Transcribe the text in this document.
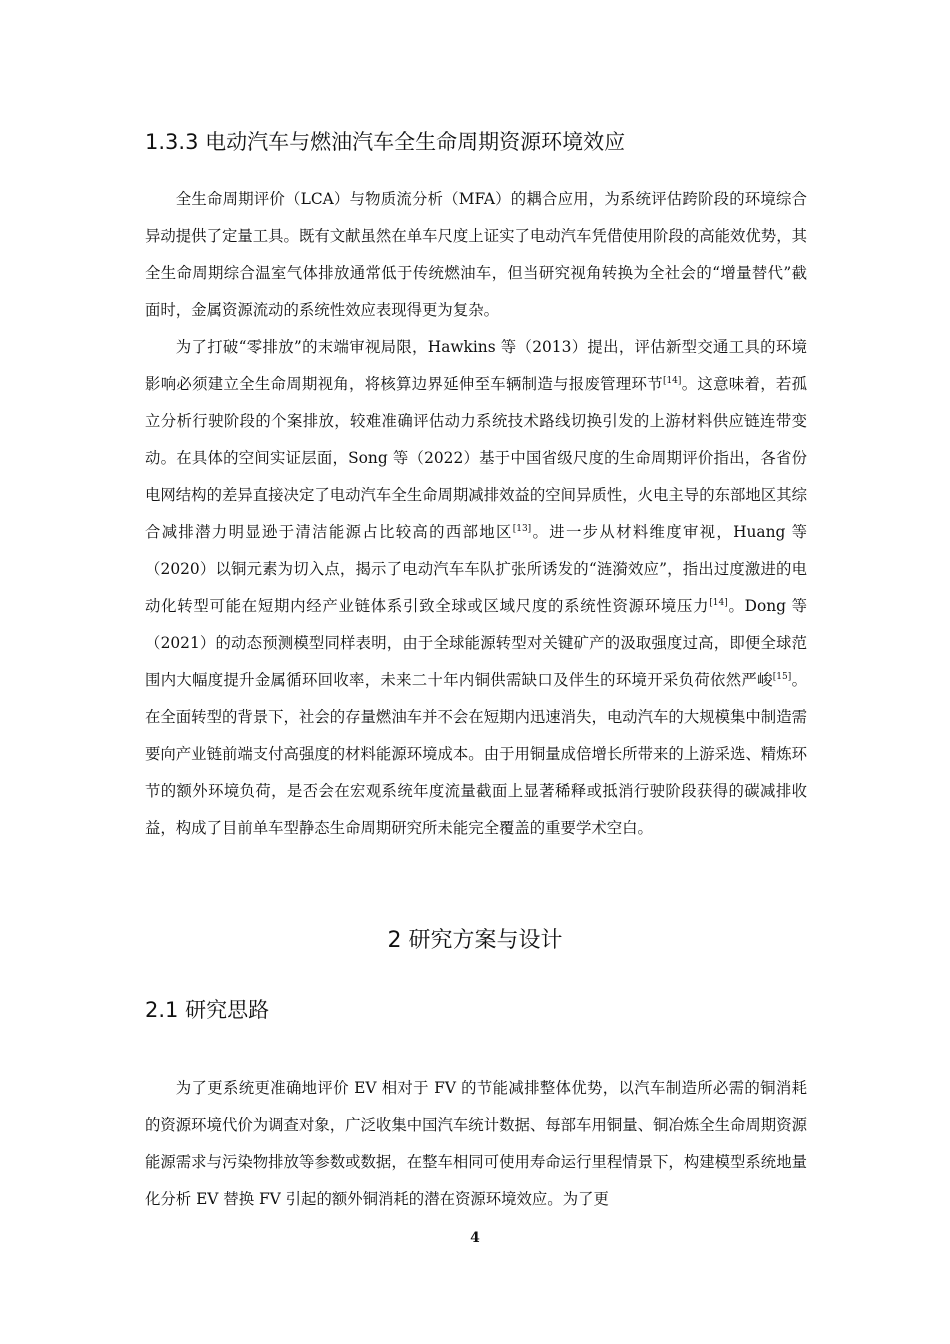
1.3.3 电动汽车与燃油汽车全生命周期资源环境效应

全生命周期评价（LCA）与物质流分析（MFA）的耦合应用，为系统评估跨阶段的环境综合异动提供了定量工具。既有文献虽然在单车尺度上证实了电动汽车凭借使用阶段的高能效优势，其全生命周期综合温室气体排放通常低于传统燃油车，但当研究视角转换为全社会的“增量替代”截面时，金属资源流动的系统性效应表现得更为复杂。

为了打破“零排放”的末端审视局限，Hawkins 等（2013）提出，评估新型交通工具的环境影响必须建立全生命周期视角，将核算边界延伸至车辆制造与报废管理环节[14]。这意味着，若孤立分析行驶阶段的个案排放，较难准确评估动力系统技术路线切换引发的上游材料供应链连带变动。在具体的空间实证层面，Song 等（2022）基于中国省级尺度的生命周期评价指出，各省份电网结构的差异直接决定了电动汽车全生命周期减排效益的空间异质性，火电主导的东部地区其综合减排潜力明显逊于清洁能源占比较高的西部地区[13]。进一步从材料维度审视，Huang 等（2020）以铜元素为切入点，揭示了电动汽车车队扩张所诱发的“涟漪效应”，指出过度激进的电动化转型可能在短期内经产业链体系引致全球或区域尺度的系统性资源环境压力[14]。Dong 等（2021）的动态预测模型同样表明，由于全球能源转型对关键矿产的汲取强度过高，即便全球范围内大幅度提升金属循环回收率，未来二十年内铜供需缺口及伴生的环境开采负荷依然严峻[15]。在全面转型的背景下，社会的存量燃油车并不会在短期内迅速消失，电动汽车的大规模集中制造需要向产业链前端支付高强度的材料能源环境成本。由于用铜量成倍增长所带来的上游采选、精炼环节的额外环境负荷，是否会在宏观系统年度流量截面上显著稀释或抵消行驶阶段获得的碳减排收益，构成了目前单车型静态生命周期研究所未能完全覆盖的重要学术空白。

2 研究方案与设计
2.1 研究思路

为了更系统更准确地评价 EV 相对于 FV 的节能减排整体优势，以汽车制造所必需的铜消耗的资源环境代价为调查对象，广泛收集中国汽车统计数据、每部车用铜量、铜冶炼全生命周期资源能源需求与污染物排放等参数或数据，在整车相同可使用寿命运行里程情景下，构建模型系统地量化分析 EV 替换 FV 引起的额外铜消耗的潜在资源环境效应。为了更

4
